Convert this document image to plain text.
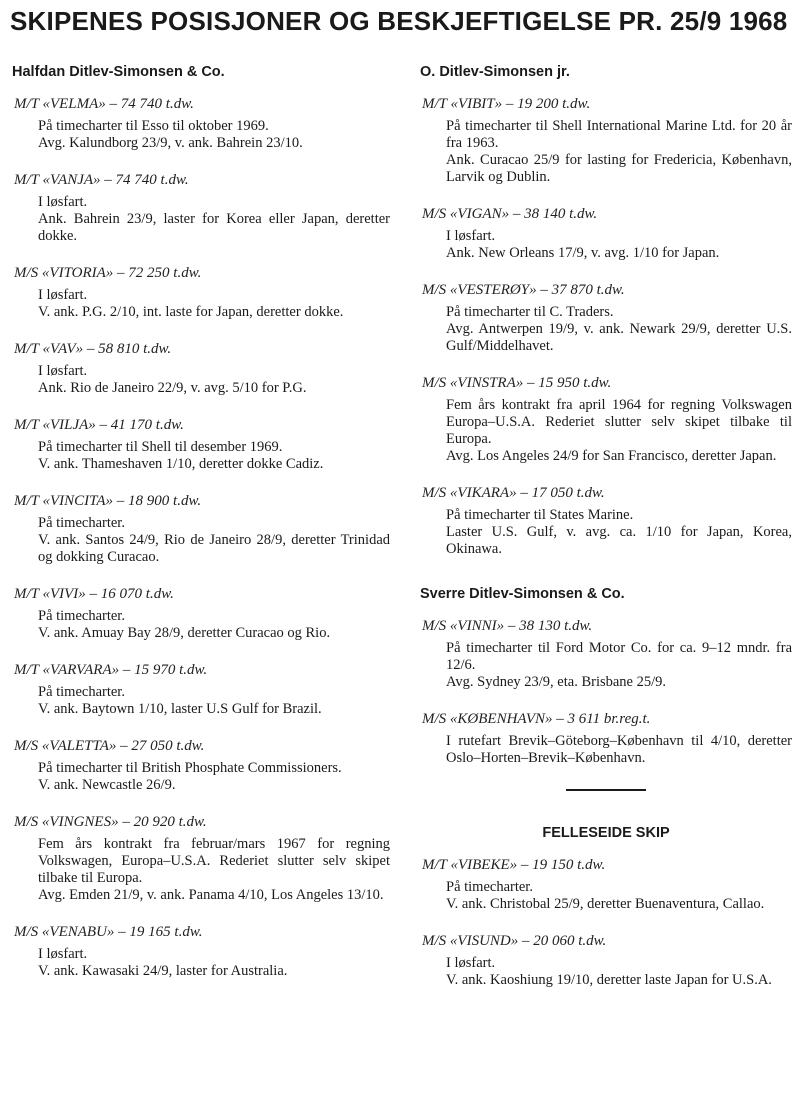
SKIPENES POSISJONER OG BESKJEFTIGELSE PR. 25/9 1968
Halfdan Ditlev-Simonsen & Co.
M/T «VELMA» – 74 740 t.dw.

På timecharter til Esso til oktober 1969.

Avg. Kalundborg 23/9, v. ank. Bahrein 23/10.

M/T «VANJA» – 74 740 t.dw.

I løsfart.

Ank. Bahrein 23/9, laster for Korea eller Japan, deretter dokke.

M/S «VITORIA» – 72 250 t.dw.

I løsfart.

V. ank. P.G. 2/10, int. laste for Japan, deretter dokke.

M/T «VAV» – 58 810 t.dw.

I løsfart.

Ank. Rio de Janeiro 22/9, v. avg. 5/10 for P.G.

M/T «VILJA» – 41 170 t.dw.

På timecharter til Shell til desember 1969.

V. ank. Thameshaven 1/10, deretter dokke Cadiz.

M/T «VINCITA» – 18 900 t.dw.

På timecharter.

V. ank. Santos 24/9, Rio de Janeiro 28/9, deretter Trinidad og dokking Curacao.

M/T «VIVI» – 16 070 t.dw.

På timecharter.

V. ank. Amuay Bay 28/9, deretter Curacao og Rio.

M/T «VARVARA» – 15 970 t.dw.

På timecharter.

V. ank. Baytown 1/10, laster U.S Gulf for Brazil.

M/S «VALETTA» – 27 050 t.dw.

På timecharter til British Phosphate Commissioners.

V. ank. Newcastle 26/9.

M/S «VINGNES» – 20 920 t.dw.

Fem års kontrakt fra februar/mars 1967 for regning Volkswagen, Europa–U.S.A. Rederiet slutter selv skipet tilbake til Europa.

Avg. Emden 21/9, v. ank. Panama 4/10, Los Angeles 13/10.

M/S «VENABU» – 19 165 t.dw.

I løsfart.

V. ank. Kawasaki 24/9, laster for Australia.

O. Ditlev-Simonsen jr.
M/T «VIBIT» – 19 200 t.dw.

På timecharter til Shell International Marine Ltd. for 20 år fra 1963.

Ank. Curacao 25/9 for lasting for Fredericia, København, Larvik og Dublin.

M/S «VIGAN» – 38 140 t.dw.

I løsfart.

Ank. New Orleans 17/9, v. avg. 1/10 for Japan.

M/S «VESTERØY» – 37 870 t.dw.

På timecharter til C. Traders.

Avg. Antwerpen 19/9, v. ank. Newark 29/9, deretter U.S. Gulf/Middelhavet.

M/S «VINSTRA» – 15 950 t.dw.

Fem års kontrakt fra april 1964 for regning Volkswagen Europa–U.S.A. Rederiet slutter selv skipet tilbake til Europa.

Avg. Los Angeles 24/9 for San Francisco, deretter Japan.

M/S «VIKARA» – 17 050 t.dw.

På timecharter til States Marine.

Laster U.S. Gulf, v. avg. ca. 1/10 for Japan, Korea, Okinawa.

Sverre Ditlev-Simonsen & Co.
M/S «VINNI» – 38 130 t.dw.

På timecharter til Ford Motor Co. for ca. 9–12 mndr. fra 12/6.

Avg. Sydney 23/9, eta. Brisbane 25/9.

M/S «KØBENHAVN» – 3 611 br.reg.t.

I rutefart Brevik–Göteborg–København til 4/10, deretter Oslo–Horten–Brevik–København.

FELLESEIDE SKIP
M/T «VIBEKE» – 19 150 t.dw.

På timecharter.

V. ank. Christobal 25/9, deretter Buenaventura, Callao.

M/S «VISUND» – 20 060 t.dw.

I løsfart.

V. ank. Kaoshiung 19/10, deretter laste Japan for U.S.A.
